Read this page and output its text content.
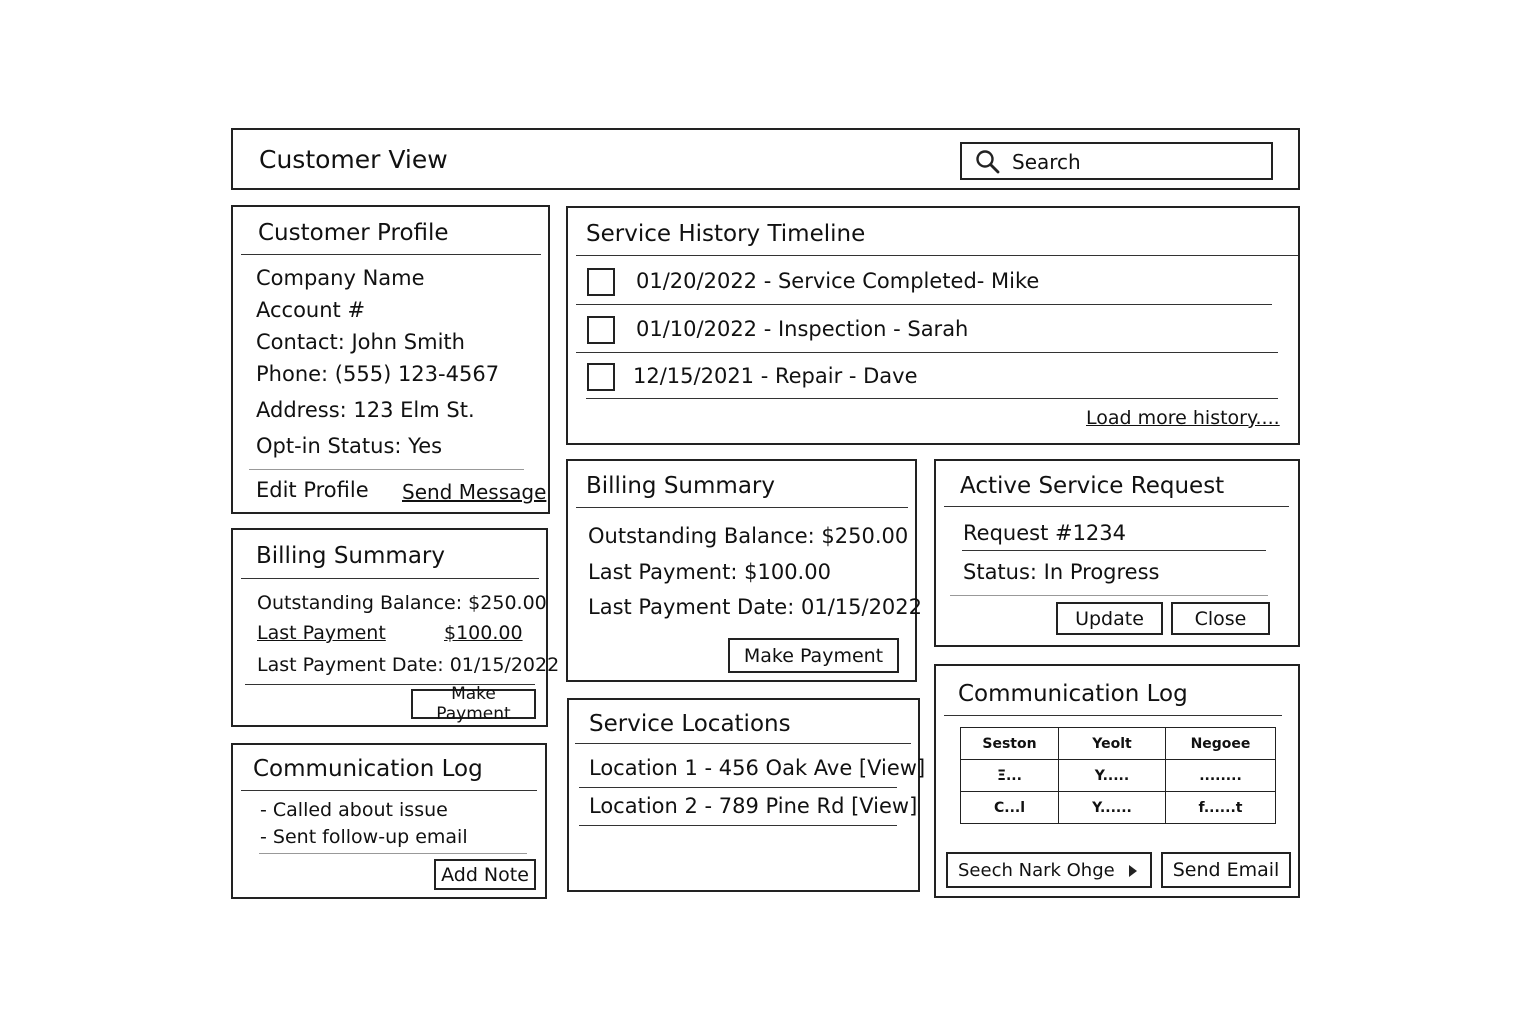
Customer View	Search
Customer Profile
Company Name
Account #
Contact: John Smith
Phone: (555) 123-4567
Address: 123 Elm St.
Opt-in Status: Yes
Edit Profile Send Message
Billing Summary
Outstanding Balance: $250.00
Last Payment	$100.00
Last Payment Date: 01/15/2022
Make Payment
Communication Log
- Called about issue
- Sent follow-up email
Add Note
Service History Timeline
01/20/2022 - Service Completed- Mike
01/10/2022 - Inspection - Sarah
12/15/2021 - Repair - Dave
Load more history....
Billing Summary
Outstanding Balance: $250.00
Last Payment: $100.00
Last Payment Date: 01/15/2022
Make Payment
Service Locations
Location 1 - 456 Oak Ave [View]
Location 2 - 789 Pine Rd [View]
Active Service Request
Request #1234
Status: In Progress
Update	Close
Communication Log
Seston	Yeolt	Negoee
Ξ...	Y.....	........
C...l	Y......	f......t
Seech Nark Ohge	Send Email
